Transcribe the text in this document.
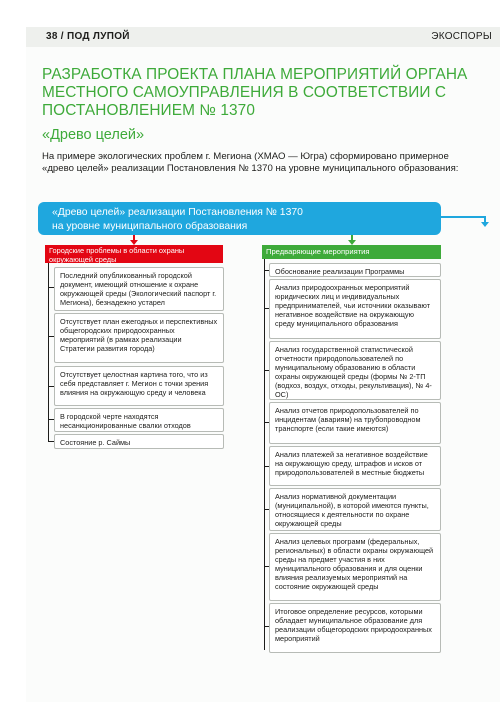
38 / ПОД ЛУПОЙ	ЭКОСПОРЫ
РАЗРАБОТКА ПРОЕКТА ПЛАНА МЕРОПРИЯТИЙ ОРГАНА МЕСТНОГО САМОУПРАВЛЕНИЯ В СООТВЕТСТВИИ С ПОСТАНОВЛЕНИЕМ № 1370
«Древо целей»
На примере экологических проблем г. Мегиона (ХМАО — Югра) сформировано примерное «древо целей» реализации Постановления № 1370 на уровне муниципального образования:
«Древо целей» реализации Постановления № 1370
на уровне муниципального образования
Городские проблемы в области охраны окружающей среды
Предваряющие мероприятия
Последний опубликованный городской документ, имеющий отношение к охране окружающей среды (Экологический паспорт г. Мегиона), безнадежно устарел
Отсутствует план ежегодных и перспективных общегородских природоохранных мероприятий (в рамках реализации Стратегии развития города)
Отсутствует целостная картина того, что из себя представляет г. Мегион с точки зрения влияния на окружающую среду и человека
В городской черте находятся несанкционированные свалки отходов
Состояние р. Саймы
Обоснование реализации Программы
Анализ природоохранных мероприятий юридических лиц и индивидуальных предпринимателей, чьи источники оказывают негативное воздействие на окружающую среду муниципального образования
Анализ государственной статистической отчетности природопользователей по муниципальному образованию в области охраны окружающей среды (формы № 2-ТП (водхоз, воздух, отходы, рекультивация), № 4-ОС)
Анализ отчетов природопользователей по инцидентам (авариям) на трубопроводном транспорте (если такие имеются)
Анализ платежей за негативное воздействие на окружающую среду, штрафов и исков от природопользователей в местные бюджеты
Анализ нормативной документации (муниципальной), в которой имеются пункты, относящиеся к деятельности по охране окружающей среды
Анализ целевых программ (федеральных, региональных) в области охраны окружающей среды на предмет участия в них муниципального образования и для оценки влияния реализуемых мероприятий на состояние окружающей среды
Итоговое определение ресурсов, которыми обладает муниципальное образование для реализации общегородских природоохранных мероприятий
